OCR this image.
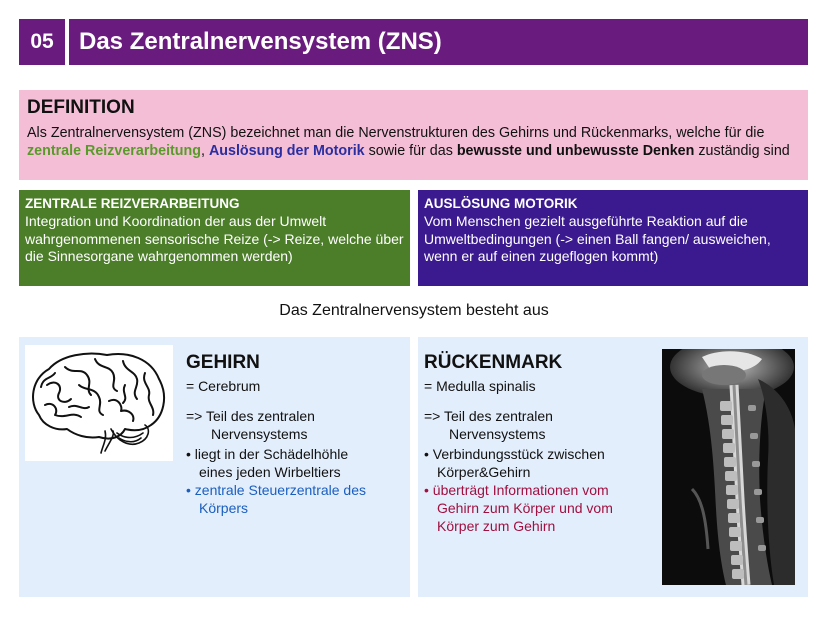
05	Das Zentralnervensystem (ZNS)
DEFINITION
Als Zentralnervensystem (ZNS) bezeichnet man die Nervenstrukturen des Gehirns und Rückenmarks, welche für die zentrale Reizverarbeitung, Auslösung der Motorik sowie für das bewusste und unbewusste Denken zuständig sind
ZENTRALE REIZVERARBEITUNG
Integration und Koordination der aus der Umwelt wahrgenommenen sensorische Reize (-> Reize, welche über die Sinnesorgane wahrgenommen werden)
AUSLÖSUNG MOTORIK
Vom Menschen gezielt ausgeführte Reaktion auf die Umweltbedingungen (-> einen Ball fangen/ ausweichen, wenn er auf einen zugeflogen kommt)
Das Zentralnervensystem besteht aus
GEHIRN
= Cerebrum
=> Teil des zentralen
Nervensystems
• liegt in der Schädelhöhle
eines jeden Wirbeltiers
• zentrale Steuerzentrale des
Körpers
RÜCKENMARK
= Medulla spinalis
=> Teil des zentralen
Nervensystems
• Verbindungsstück zwischen
Körper&Gehirn
• überträgt Informationen vom
Gehirn zum Körper und vom
Körper zum Gehirn
